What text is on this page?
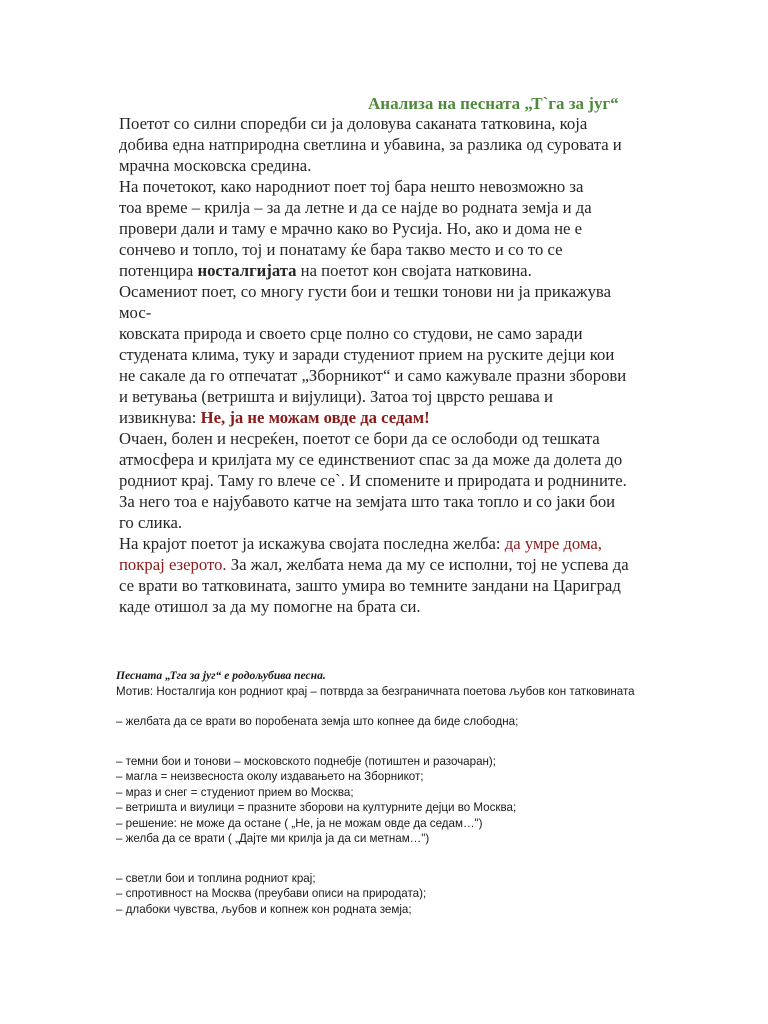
Анализа на песната „Т`га за југ“
Поетот со силни споредби си ја доловува саканата татковина, која
добива една натприродна светлина и убавина, за разлика од суровата и
мрачна московска средина.
На почетокот, како народниот поет тој бара нешто невозможно за
тоа време – крилја – за да летне и да се најде во родната земја и да
провери дали и таму е мрачно како во Русија. Но, ако и дома не е
сончево и топло, тој и понатаму ќе бара такво место и со то се
потенцира носталгијата на поетот кон својата натковина.
Осамениот поет, со многу густи бои и тешки тонови ни ја прикажува
мос-
ковската природа и своето срце полно со студови, не само заради
студената клима, туку и заради студениот прием на руските дејци кои
не сакале да го отпечатат „Зборникот“ и само кажувале празни зборови
и ветувања (ветришта и вијулици). Затоа тој цврсто решава и
извикнува: Не, ја не можам овде да седам!
Очаен, болен и несреќен, поетот се бори да се ослободи од тешката
атмосфера и крилјата му се единствениот спас за да може да долета до
родниот крај. Таму го влече се`. И спомените и природата и роднините.
За него тоа е најубавото катче на земјата што така топло и со јаки бои
го слика.
На крајот поетот ја искажува својата последна желба: да умре дома,
покрај езерото. За жал, желбата нема да му се исполни, тој не успева да
се врати во татковината, зашто умира во темните зандани на Цариград
каде отишол за да му помогне на брата си.
Песната „Тга за југ“ е родољубива песна.
Мотив: Носталгија кон родниот крај – потврда за безграничната поетова љубов кон татковината
– желбата да се врати во поробената земја што копнее да биде слободна;
– темни бои и тонови – московското поднебје (потиштен и разочаран);
– магла = неизвесноста околу издавањето на Зборникот;
– мраз и снег = студениот прием во Москва;
– ветришта и виулици = празните зборови на културните дејци во Москва;
– решение: не може да остане ( „Не, ја не можам овде да седам…")
– желба да се врати ( „Дајте ми крилја ја да си метнам…")
– светли бои и топлина родниот крај;
– спротивност на Москва (преубави описи на природата);
– длабоки чувства, љубов и копнеж кон родната земја;
